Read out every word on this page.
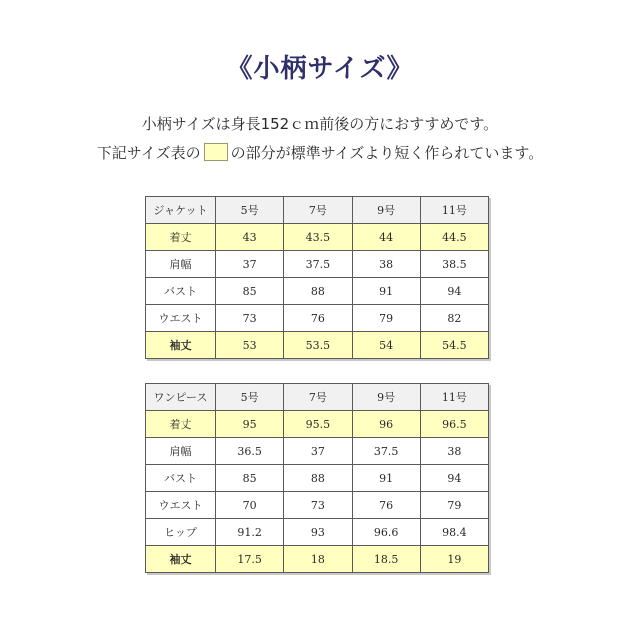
《小柄サイズ》
小柄サイズは身長152ｃｍ前後の方におすすめです。
下記サイズ表の の部分が標準サイズより短く作られています。
ジャケット	5号	7号	9号	11号
着丈	43	43.5	44	44.5
肩幅	37	37.5	38	38.5
バスト	85	88	91	94
ウエスト	73	76	79	82
袖丈	53	53.5	54	54.5
ワンピース	5号	7号	9号	11号
着丈	95	95.5	96	96.5
肩幅	36.5	37	37.5	38
バスト	85	88	91	94
ウエスト	70	73	76	79
ヒップ	91.2	93	96.6	98.4
袖丈	17.5	18	18.5	19
